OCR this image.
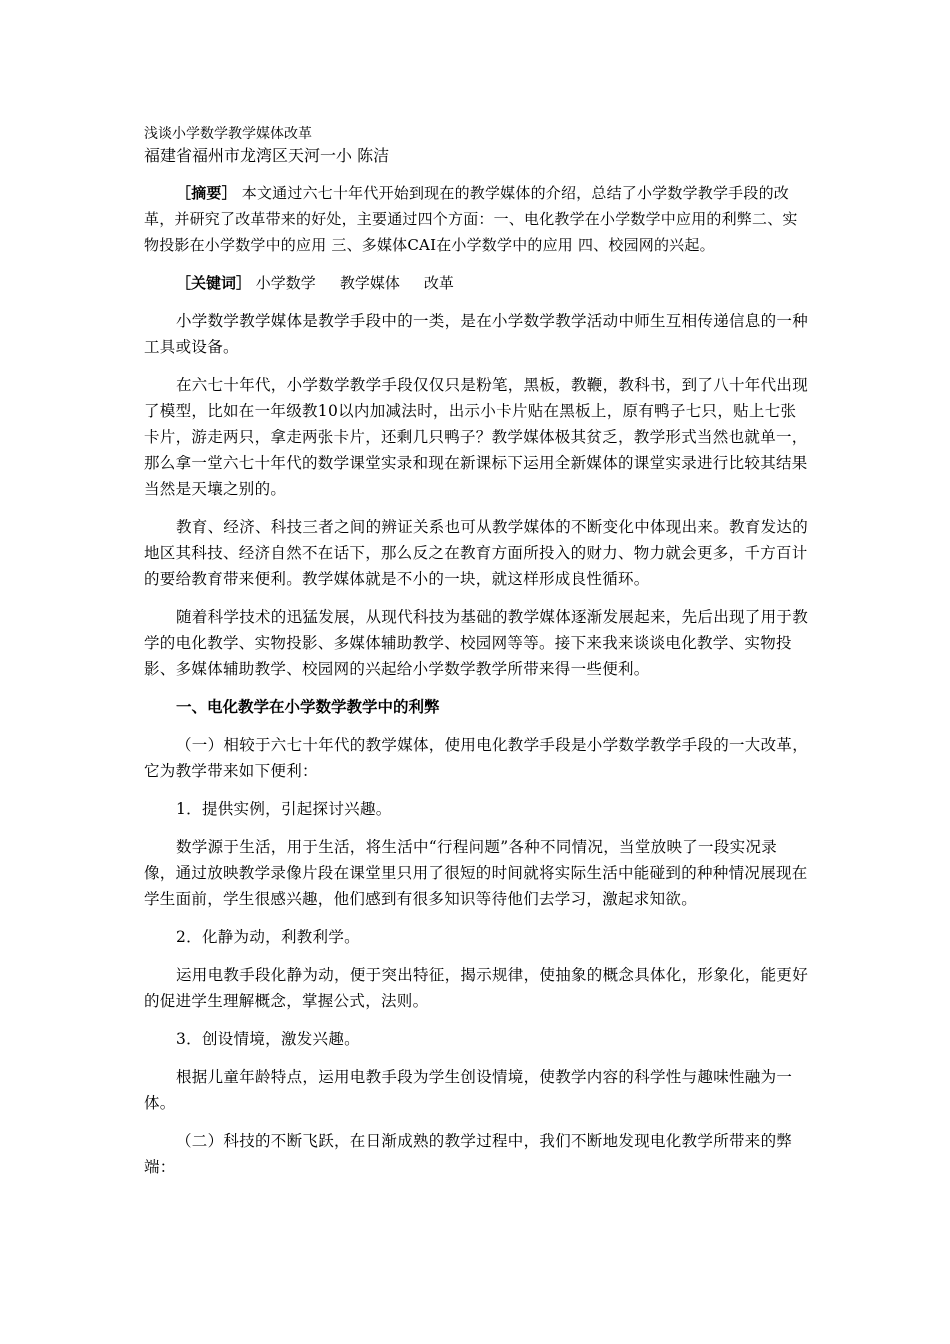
浅谈小学数学教学媒体改革

福建省福州市龙湾区天河一小 陈洁

［摘要］ 本文通过六七十年代开始到现在的教学媒体的介绍，总结了小学数学教学手段的改革，并研究了改革带来的好处，主要通过四个方面：一、电化教学在小学数学中应用的利弊二、实物投影在小学数学中的应用 三、多媒体CAI在小学数学中的应用 四、校园网的兴起。

［关键词］ 小学数学 教学媒体 改革

小学数学教学媒体是教学手段中的一类，是在小学数学教学活动中师生互相传递信息的一种工具或设备。

在六七十年代，小学数学教学手段仅仅只是粉笔，黑板，教鞭，教科书，到了八十年代出现了模型，比如在一年级教10以内加减法时，出示小卡片贴在黑板上，原有鸭子七只，贴上七张卡片，游走两只，拿走两张卡片，还剩几只鸭子？教学媒体极其贫乏，教学形式当然也就单一，那么拿一堂六七十年代的数学课堂实录和现在新课标下运用全新媒体的课堂实录进行比较其结果当然是天壤之别的。

教育、经济、科技三者之间的辨证关系也可从教学媒体的不断变化中体现出来。教育发达的地区其科技、经济自然不在话下，那么反之在教育方面所投入的财力、物力就会更多，千方百计的要给教育带来便利。教学媒体就是不小的一块，就这样形成良性循环。

随着科学技术的迅猛发展，从现代科技为基础的教学媒体逐渐发展起来，先后出现了用于教学的电化教学、实物投影、多媒体辅助教学、校园网等等。接下来我来谈谈电化教学、实物投影、多媒体辅助教学、校园网的兴起给小学数学教学所带来得一些便利。

一、电化教学在小学数学教学中的利弊

（一）相较于六七十年代的教学媒体，使用电化教学手段是小学数学教学手段的一大改革，它为教学带来如下便利：

1．提供实例，引起探讨兴趣。

数学源于生活，用于生活，将生活中“行程问题”各种不同情况，当堂放映了一段实况录像，通过放映教学录像片段在课堂里只用了很短的时间就将实际生活中能碰到的种种情况展现在学生面前，学生很感兴趣，他们感到有很多知识等待他们去学习，激起求知欲。

2．化静为动，利教利学。

运用电教手段化静为动，便于突出特征，揭示规律，使抽象的概念具体化，形象化，能更好的促进学生理解概念，掌握公式，法则。

3．创设情境，激发兴趣。

根据儿童年龄特点，运用电教手段为学生创设情境，使教学内容的科学性与趣味性融为一体。

（二）科技的不断飞跃，在日渐成熟的教学过程中，我们不断地发现电化教学所带来的弊端：
